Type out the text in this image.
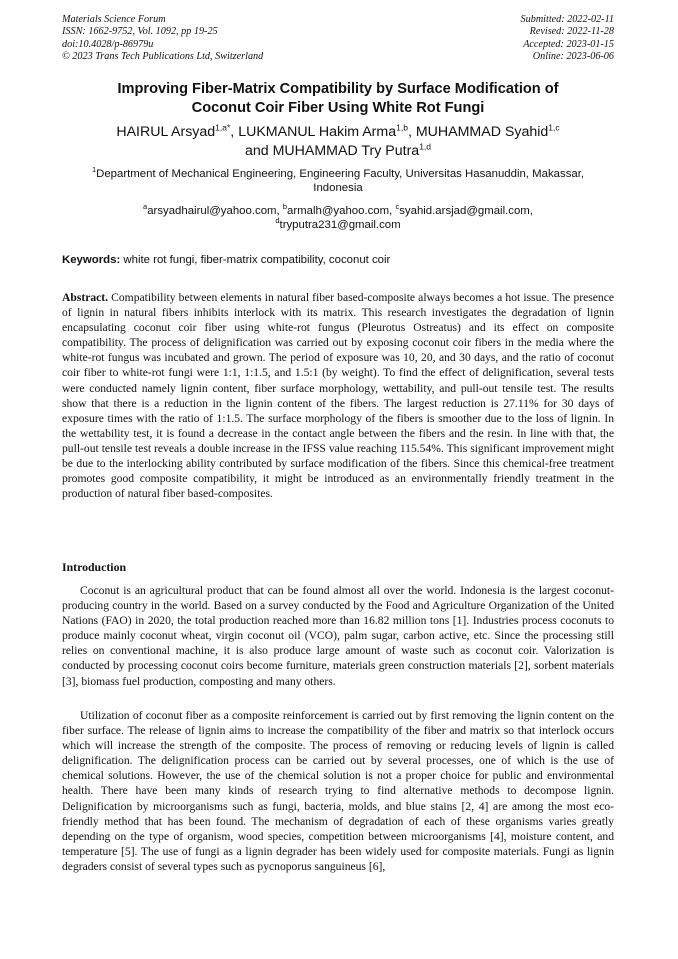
Materials Science Forum
ISSN: 1662-9752, Vol. 1092, pp 19-25
doi:10.4028/p-86979u
© 2023 Trans Tech Publications Ltd, Switzerland
Submitted: 2022-02-11
Revised: 2022-11-28
Accepted: 2023-01-15
Online: 2023-06-06
Improving Fiber-Matrix Compatibility by Surface Modification of
Coconut Coir Fiber Using White Rot Fungi
HAIRUL Arsyad$^{1,a*}$, LUKMANUL Hakim Arma$^{1,b}$, MUHAMMAD Syahid$^{1,c}$
and MUHAMMAD Try Putra$^{1,d}$
$^1$Department of Mechanical Engineering, Engineering Faculty, Universitas Hasanuddin, Makassar,
Indonesia
$^a$arsyadhairul@yahoo.com, $^b$armalh@yahoo.com, $^c$syahid.arsjad@gmail.com,
$^d$tryputra231@gmail.com
Keywords: white rot fungi, fiber-matrix compatibility, coconut coir

Abstract. Compatibility between elements in natural fiber based-composite always becomes a hot issue. The presence of lignin in natural fibers inhibits interlock with its matrix. This research investigates the degradation of lignin encapsulating coconut coir fiber using white-rot fungus (Pleurotus Ostreatus) and its effect on composite compatibility. The process of delignification was carried out by exposing coconut coir fibers in the media where the white-rot fungus was incubated and grown. The period of exposure was 10, 20, and 30 days, and the ratio of coconut coir fiber to white-rot fungi were 1:1, 1:1.5, and 1.5:1 (by weight). To find the effect of delignification, several tests were conducted namely lignin content, fiber surface morphology, wettability, and pull-out tensile test. The results show that there is a reduction in the lignin content of the fibers. The largest reduction is 27.11% for 30 days of exposure times with the ratio of 1:1.5. The surface morphology of the fibers is smoother due to the loss of lignin. In the wettability test, it is found a decrease in the contact angle between the fibers and the resin. In line with that, the pull-out tensile test reveals a double increase in the IFSS value reaching 115.54%. This significant improvement might be due to the interlocking ability contributed by surface modification of the fibers. Since this chemical-free treatment promotes good composite compatibility, it might be introduced as an environmentally friendly treatment in the production of natural fiber based-composites.

Introduction

Coconut is an agricultural product that can be found almost all over the world. Indonesia is the largest coconut-producing country in the world. Based on a survey conducted by the Food and Agriculture Organization of the United Nations (FAO) in 2020, the total production reached more than 16.82 million tons [1]. Industries process coconuts to produce mainly coconut wheat, virgin coconut oil (VCO), palm sugar, carbon active, etc. Since the processing still relies on conventional machine, it is also produce large amount of waste such as coconut coir. Valorization is conducted by processing coconut coirs become furniture, materials green construction materials [2], sorbent materials [3], biomass fuel production, composting and many others.

Utilization of coconut fiber as a composite reinforcement is carried out by first removing the lignin content on the fiber surface. The release of lignin aims to increase the compatibility of the fiber and matrix so that interlock occurs which will increase the strength of the composite. The process of removing or reducing levels of lignin is called delignification. The delignification process can be carried out by several processes, one of which is the use of chemical solutions. However, the use of the chemical solution is not a proper choice for public and environmental health. There have been many kinds of research trying to find alternative methods to decompose lignin. Delignification by microorganisms such as fungi, bacteria, molds, and blue stains [2, 4] are among the most eco-friendly method that has been found. The mechanism of degradation of each of these organisms varies greatly depending on the type of organism, wood species, competition between microorganisms [4], moisture content, and temperature [5]. The use of fungi as a lignin degrader has been widely used for composite materials. Fungi as lignin degraders consist of several types such as pycnoporus sanguineus [6],
